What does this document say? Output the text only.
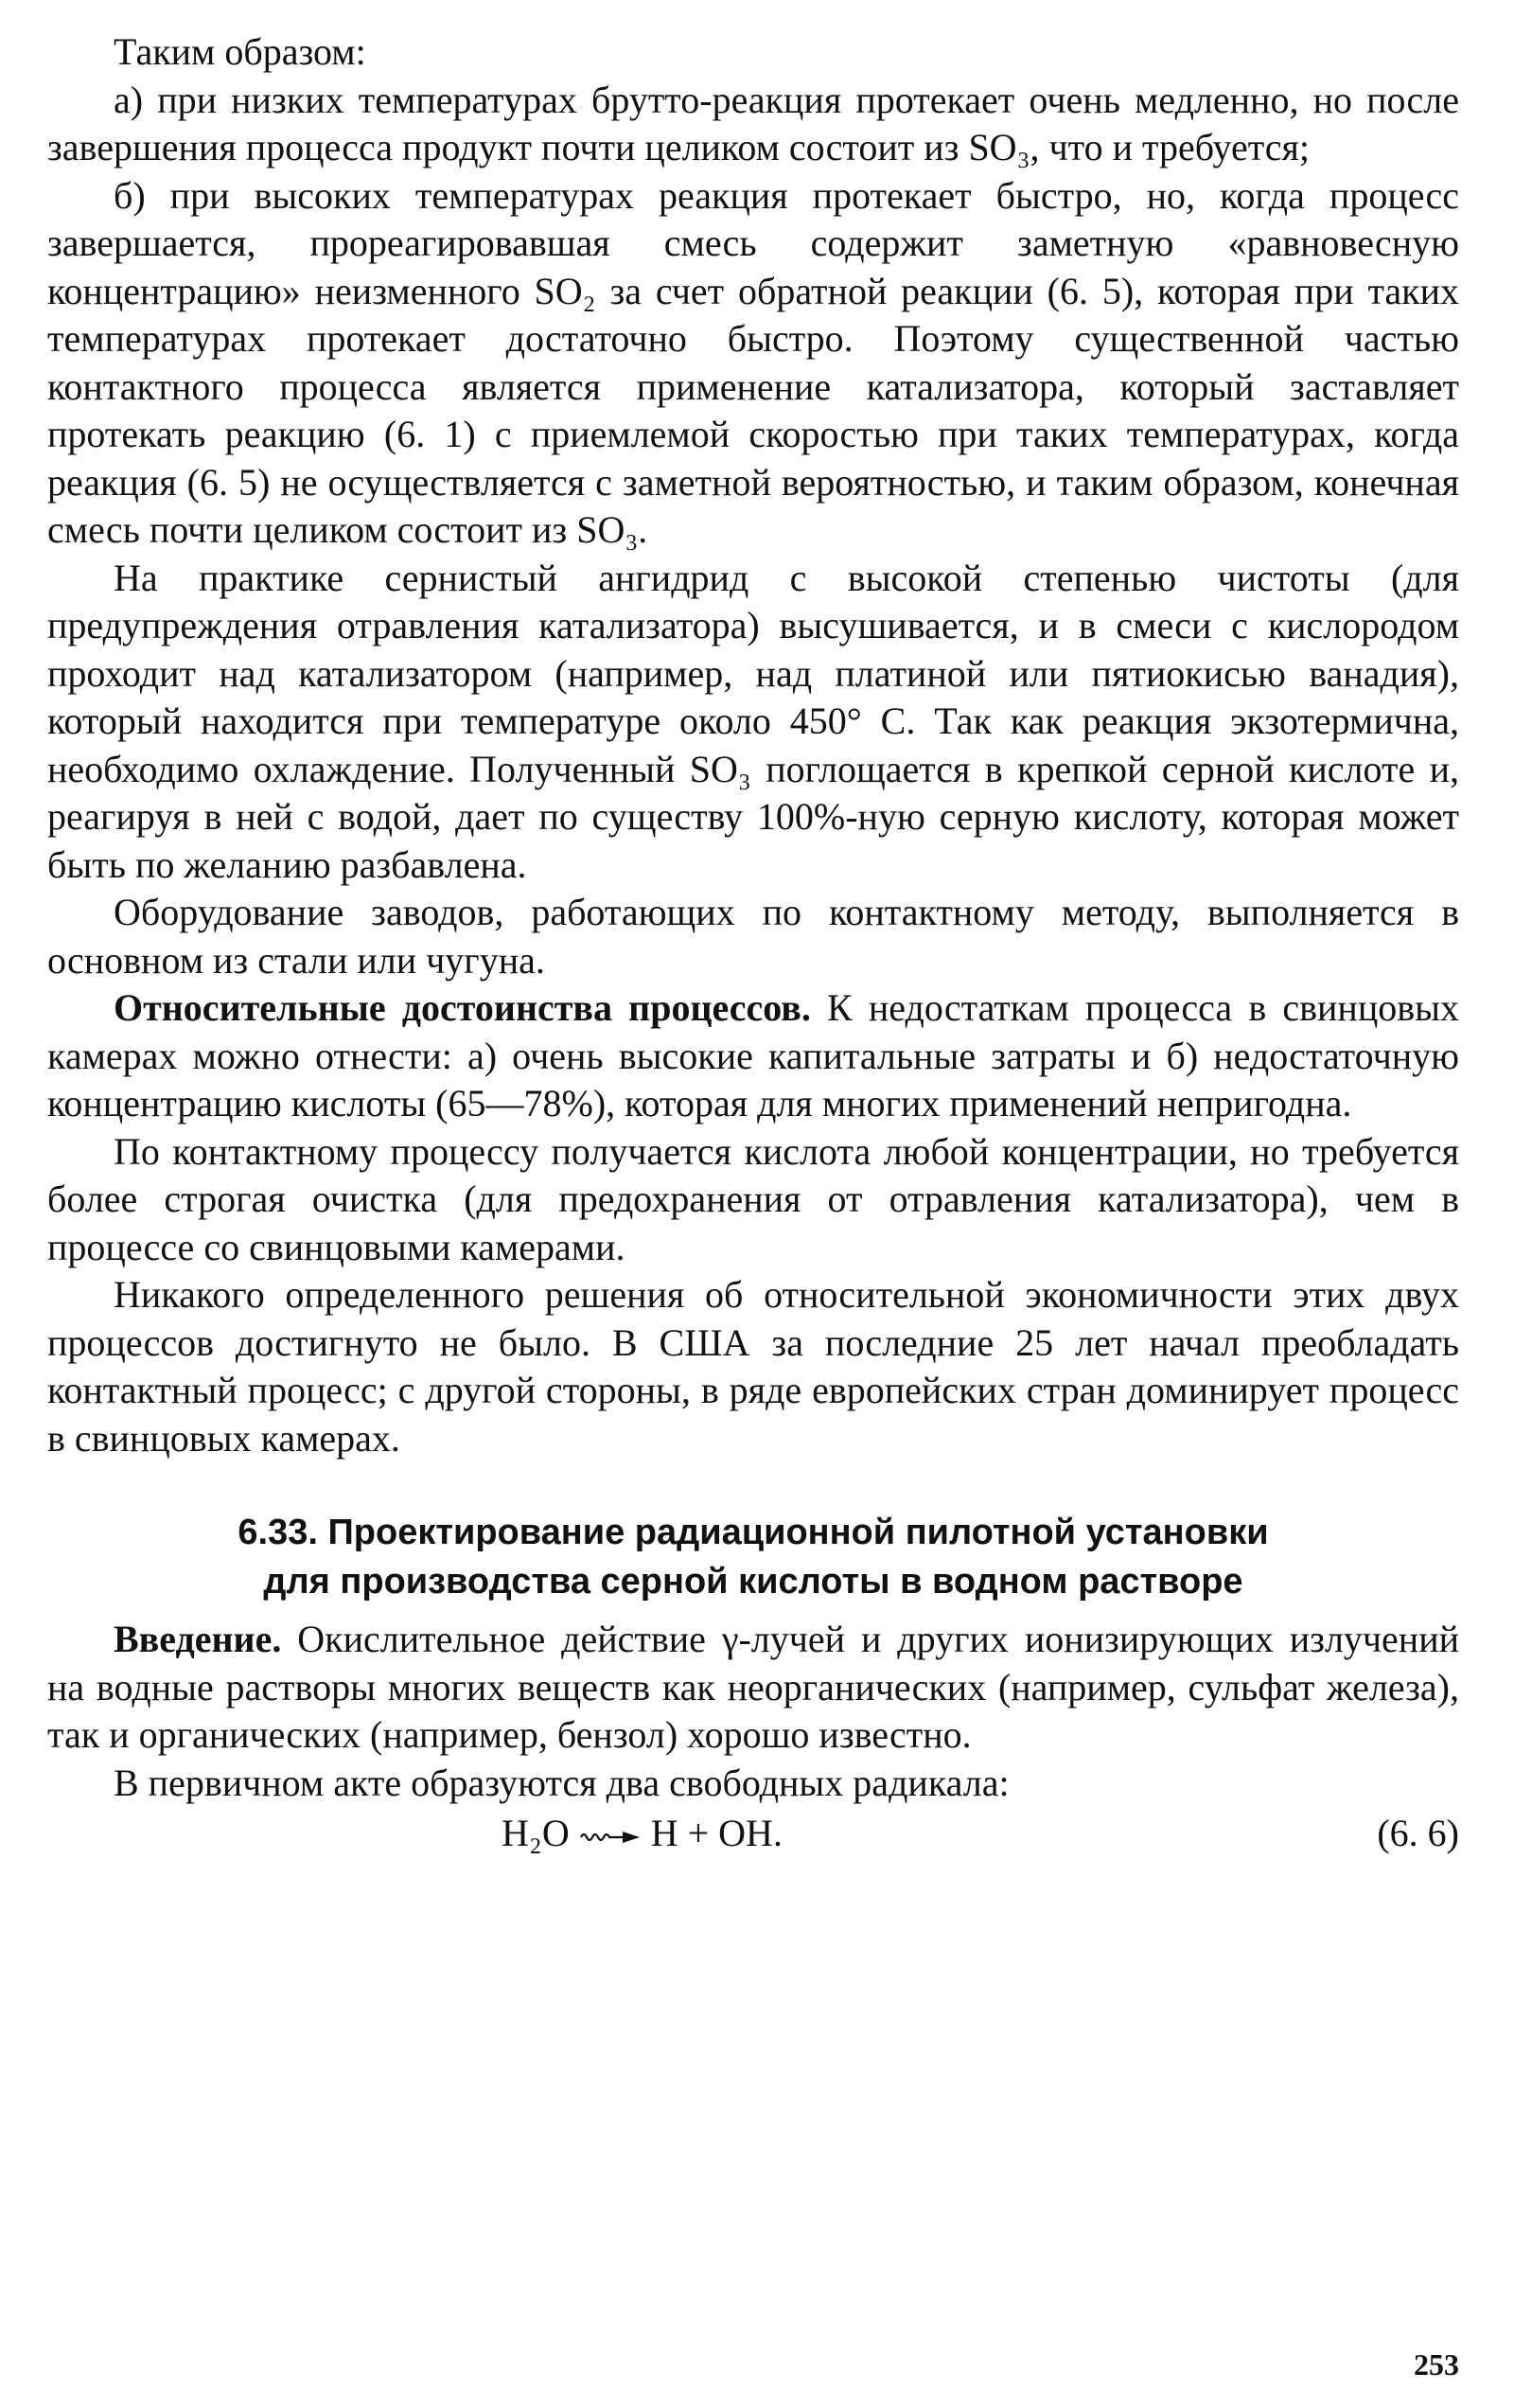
Таким образом:

а) при низких температурах брутто-реакция протекает очень медленно, но после завершения процесса продукт почти целиком состоит из SO₃, что и требуется;

б) при высоких температурах реакция протекает быстро, но, когда процесс завершается, прореагировавшая смесь содержит заметную «равновесную концентрацию» неизменного SO₂ за счет обратной реакции (6. 5), которая при таких температурах протекает достаточно быстро. Поэтому существенной частью контактного процесса является применение катализатора, который заставляет протекать реакцию (6. 1) с приемлемой скоростью при таких температурах, когда реакция (6. 5) не осуществляется с заметной вероятностью, и таким образом, конечная смесь почти целиком состоит из SO₃.

На практике сернистый ангидрид с высокой степенью чистоты (для предупреждения отравления катализатора) высушивается, и в смеси с кислородом проходит над катализатором (например, над платиной или пятиокисью ванадия), который находится при температуре около 450° С. Так как реакция экзотермична, необходимо охлаждение. Полученный SO₃ поглощается в крепкой серной кислоте и, реагируя в ней с водой, дает по существу 100%-ную серную кислоту, которая может быть по желанию разбавлена.

Оборудование заводов, работающих по контактному методу, выполняется в основном из стали или чугуна.

Относительные достоинства процессов. К недостаткам процесса в свинцовых камерах можно отнести: а) очень высокие капитальные затраты и б) недостаточную концентрацию кислоты (65—78%), которая для многих применений непригодна.

По контактному процессу получается кислота любой концентрации, но требуется более строгая очистка (для предохранения от отравления катализатора), чем в процессе со свинцовыми камерами.

Никакого определенного решения об относительной экономичности этих двух процессов достигнуто не было. В США за последние 25 лет начал преобладать контактный процесс; с другой стороны, в ряде европейских стран доминирует процесс в свинцовых камерах.

6.33. Проектирование радиационной пилотной установки
для производства серной кислоты в водном растворе

Введение. Окислительное действие γ-лучей и других ионизирующих излучений на водные растворы многих веществ как неорганических (например, сульфат железа), так и органических (например, бензол) хорошо известно.

В первичном акте образуются два свободных радикала:

H₂O H + OH.	(6. 6)
253
